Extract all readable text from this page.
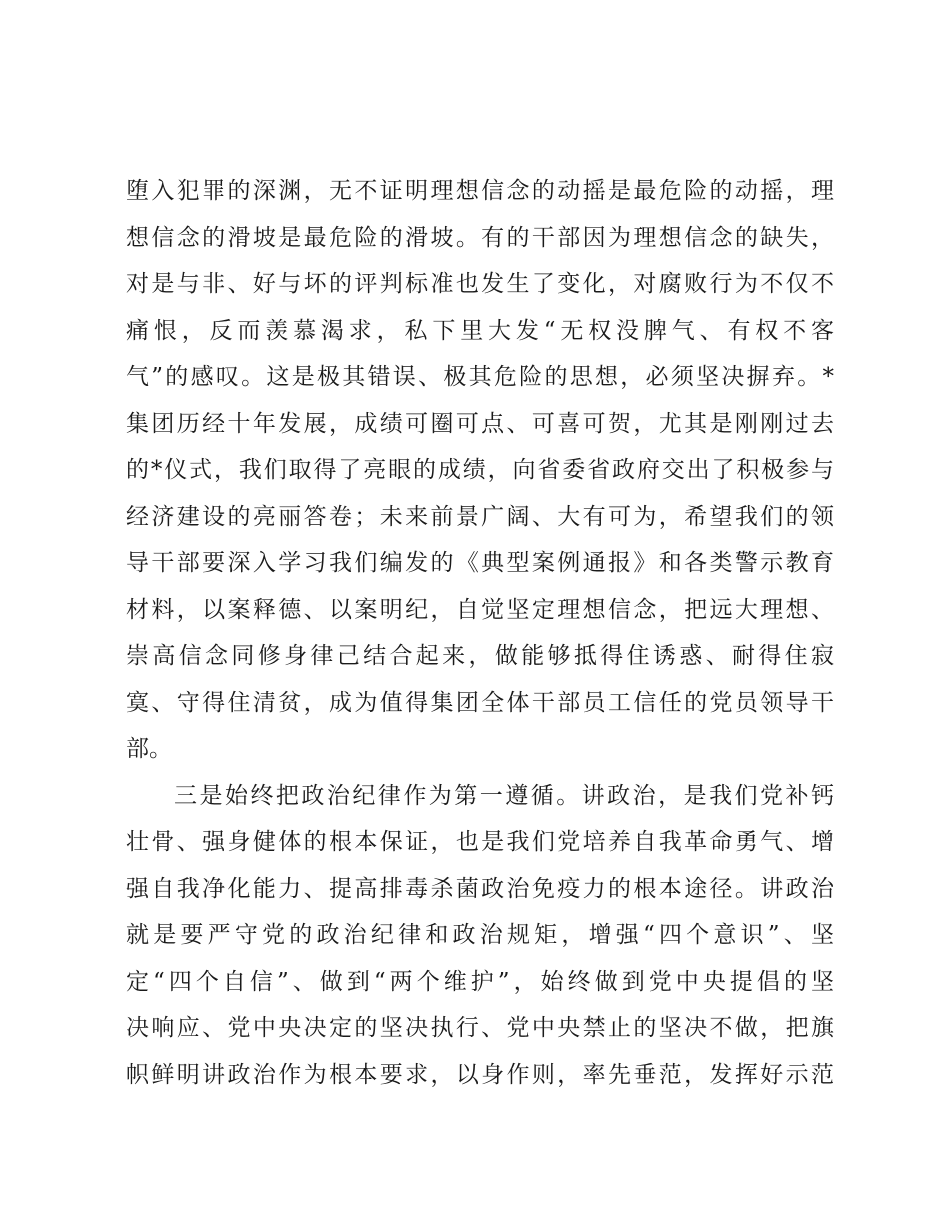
堕入犯罪的深渊，无不证明理想信念的动摇是最危险的动摇，理
想信念的滑坡是最危险的滑坡。有的干部因为理想信念的缺失，
对是与非、好与坏的评判标准也发生了变化，对腐败行为不仅不
痛恨，反而羡慕渴求，私下里大发“无权没脾气、有权不客
气”的感叹。这是极其错误、极其危险的思想，必须坚决摒弃。*
集团历经十年发展，成绩可圈可点、可喜可贺，尤其是刚刚过去
的*仪式，我们取得了亮眼的成绩，向省委省政府交出了积极参与
经济建设的亮丽答卷；未来前景广阔、大有可为，希望我们的领
导干部要深入学习我们编发的《典型案例通报》和各类警示教育
材料，以案释德、以案明纪，自觉坚定理想信念，把远大理想、
崇高信念同修身律己结合起来，做能够抵得住诱惑、耐得住寂
寞、守得住清贫，成为值得集团全体干部员工信任的党员领导干
部。
三是始终把政治纪律作为第一遵循。讲政治，是我们党补钙
壮骨、强身健体的根本保证，也是我们党培养自我革命勇气、增
强自我净化能力、提高排毒杀菌政治免疫力的根本途径。讲政治
就是要严守党的政治纪律和政治规矩，增强“四个意识”、坚
定“四个自信”、做到“两个维护”，始终做到党中央提倡的坚
决响应、党中央决定的坚决执行、党中央禁止的坚决不做，把旗
帜鲜明讲政治作为根本要求，以身作则，率先垂范，发挥好示范
